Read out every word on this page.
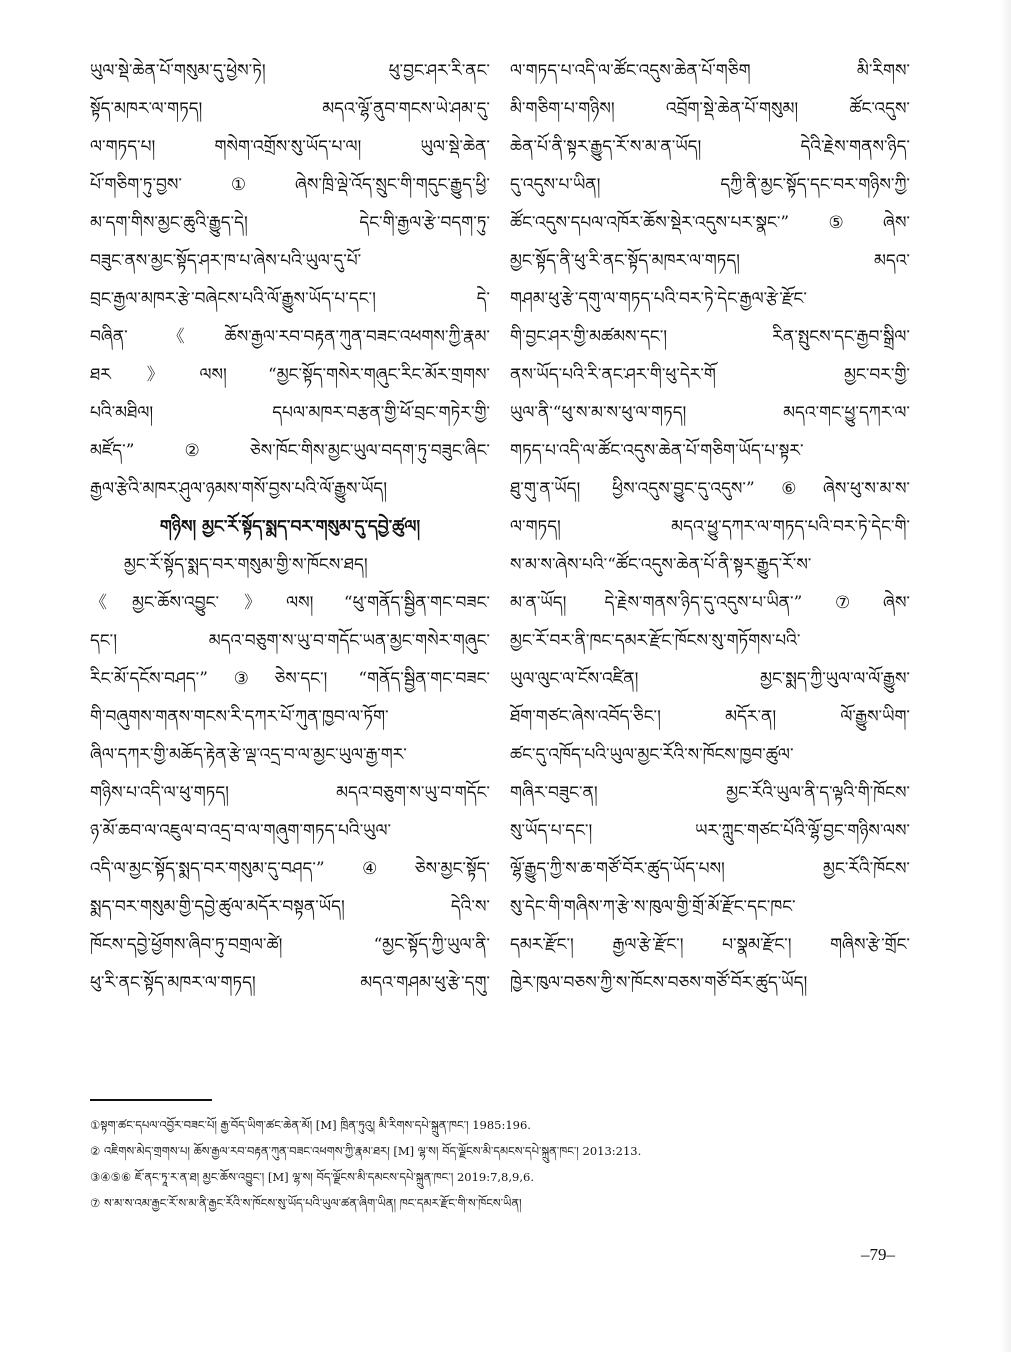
ཡུལ་སྡེ་ཆེན་པོ་གསུམ་དུ་ཕྱེས་ཏེ། ཕུ་བྱང་ཤར་རི་ནང་
སྟོད་མཁར་ལ་གཏད། མདའ་ལྷོ་ནུབ་གངས་ཡེ་ཤམ་དུ་
ལ་གཏད་པ། གསེག་འགྲོས་སུ་ཡོད་པ་ལ། ཡུལ་སྡེ་ཆེན་
པོ་གཅིག་ཏུ་བྱས་①ཞེས་ཁྲི་ལྡེ་འོད་སྲུང་གི་གདུང་རྒྱུད་ཕྱི་
མ་དག་གིས་མྱང་ཆུའི་རྒྱུད་དེ། དེང་གི་རྒྱལ་རྩེ་བདག་ཏུ་
བཟུང་ནས་མྱང་སྟོད་ཤར་ཁ་པ་ཞེས་པའི་ཡུལ་དུ་པོ་
བྲང་རྒྱལ་མཁར་རྩེ་བཞེངས་པའི་ལོ་རྒྱུས་ཡོད་པ་དང་། དེ་
བཞིན་《ཆོས་རྒྱལ་རབ་བརྟན་ཀུན་བཟང་འཕགས་ཀྱི་རྣམ་
ཐར》ལས། “མྱང་སྟོད་གསེར་གཞུང་རིང་མོར་གྲགས་
པའི་མཐིལ། དཔལ་མཁར་བརྩན་གྱི་ཕོ་བྲང་གཏེར་གྱི་
མཛོད་”②ཅེས་ཁོང་གིས་མྱང་ཡུལ་བདག་ཏུ་བཟུང་ཞིང་
རྒྱལ་རྩེའི་མཁར་ཤུལ་ཉམས་གསོ་བྱས་པའི་ལོ་རྒྱུས་ཡོད།
གཉིས། མྱང་རོ་སྟོད་སྨད་བར་གསུམ་དུ་དབྱེ་ཚུལ།
མྱང་རོ་སྟོད་སྨད་བར་གསུམ་གྱི་ས་ཁོངས་ཐད།
《མྱང་ཆོས་འབྱུང་》ལས། “ཕུ་གནོད་སྦྱིན་གང་བཟང་
དང་། མདའ་བཅུག་ས་ཡུ་བ་གདོང་ཡན་མྱང་གསེར་གཞུང་
རིང་མོ་དངོས་བཤད་”③ཅེས་དང་། “གནོད་སྦྱིན་གང་བཟང་
གི་བཞུགས་གནས་གངས་རི་དཀར་པོ་ཀུན་ཁྱབ་ལ་ཏོག་
ཞིལ་དཀར་གྱི་མཆོད་རྟེན་རྩེ་ལྡ་འདྲ་བ་ལ་མྱང་ཡུལ་རྒྱ་གར་
གཉིས་པ་འདི་ལ་ཕུ་གཏད། མདའ་བཅུག་ས་ཡུ་བ་གདོང་
ཉ་མོ་ཆབ་ལ་འཇུལ་བ་འདྲ་བ་ལ་གཞུག་གཏད་པའི་ཡུལ་
འདི་ལ་མྱང་སྟོད་སྨད་བར་གསུམ་དུ་བཤད་”④ཅེས་མྱང་སྟོད་
སྨད་བར་གསུམ་གྱི་དབྱེ་ཚུལ་མདོར་བསྟན་ཡོད། དེའི་ས་
ཁོངས་དབྱེ་ཕྱོགས་ཞིབ་ཏུ་བགྲལ་ཚེ། “མྱང་སྟོད་ཀྱི་ཡུལ་ནི་
ཕུ་རི་ནང་སྟོད་མཁར་ལ་གཏད། མདའ་གཤམ་ཕུ་རྩེ་དགུ་
ལ་གཏད་པ་འདི་ལ་ཚོང་འདུས་ཆེན་པོ་གཅིག མི་རིགས་
མི་གཅིག་པ་གཉིས། འབྲོག་སྡེ་ཆེན་པོ་གསུམ། ཚོང་འདུས་
ཆེན་པོ་ནི་སྟར་རྒྱུད་རོ་ས་མ་ན་ཡོད། དེའི་རྗེས་གནས་ཉིད་
དུ་འདུས་པ་ཡིན། དཀྱི་ནི་མྱང་སྟོད་དང་བར་གཉིས་ཀྱི་
ཚོང་འདུས་དཔལ་འཁོར་ཆོས་སྡེར་འདུས་པར་སྣང་”⑤ཞེས་
མྱང་སྟོད་ནི་ཕུ་རི་ནང་སྟོད་མཁར་ལ་གཏད། མདའ་
གཤམ་ཕུ་རྩེ་དགུ་ལ་གཏད་པའི་བར་ཏེ་དེང་རྒྱལ་རྩེ་རྫོང་
གི་བྱང་ཤར་གྱི་མཚམས་དང་། རིན་སྤུངས་དང་རྒྱབ་སྒྲིལ་
ནས་ཡོད་པའི་རི་ནང་ཤར་གི་ཕུ་དེར་གོ མྱང་བར་གྱི་
ཡུལ་ནི་“ཕུ་ས་མ་ས་ཕུ་ལ་གཏད། མདའ་གང་ཕྱུ་དཀར་ལ་
གཏད་པ་འདི་ལ་ཚོང་འདུས་ཆེན་པོ་གཅིག་ཡོད་པ་སྟར་
ཐུ་གུ་ན་ཡོད། ཕྱིས་འདུས་བྱུང་དུ་འདུས་”⑥ཞེས་ཕུ་ས་མ་ས་
ལ་གཏད། མདའ་ཕྱུ་དཀར་ལ་གཏད་པའི་བར་ཏེ་དེང་གི་
ས་མ་ས་ཞེས་པའི་“ཚོང་འདུས་ཆེན་པོ་ནི་སྟར་རྒྱུད་རོ་ས་
མ་ན་ཡོད། དེ་རྗེས་གནས་ཉིད་དུ་འདུས་པ་ཡིན་”⑦ཞེས་
མྱང་རོ་བར་ནི་ཁང་དམར་རྫོང་ཁོངས་སུ་གཏོགས་པའི་
ཡུལ་ལུང་ལ་ངོས་འཛིན། མྱང་སྨད་ཀྱི་ཡུལ་ལ་ལོ་རྒྱུས་
ཐོག་གཙང་ཞེས་འབོད་ཅིང་། མདོར་ན། ལོ་རྒྱུས་ཡིག་
ཚང་དུ་འཁོད་པའི་ཡུལ་མྱང་རོའི་ས་ཁོངས་ཁྱབ་ཚུལ་
གཞིར་བཟུང་ན། མྱང་རོའི་ཡུལ་ནི་ད་ལྟའི་གི་ཁོངས་
སུ་ཡོད་པ་དང་། ཡར་ཀླུང་གཙང་པོའི་ལྷོ་བྱང་གཉིས་ལས་
ལྷོ་རྒྱུད་ཀྱི་ས་ཆ་གཙོ་བོར་ཚུད་ཡོད་པས། མྱང་རོའི་ཁོངས་
སུ་དེང་གི་གཞིས་ཀ་རྩེ་ས་ཁུལ་གྱི་གྲོ་མོ་རྫོང་དང་ཁང་
དམར་རྫོང་། རྒྱལ་རྩེ་རྫོང་། པ་སྣམ་རྫོང་། གཞིས་རྩེ་གྲོང་
ཁྱེར་ཁུལ་བཅས་ཀྱི་ས་ཁོངས་བཅས་གཙོ་བོར་ཚུད་ཡོད།
①སྟག་ཚང་དཔལ་འབྱོར་བཟང་པོ། རྒྱ་བོད་ཡིག་ཚང་ཆེན་མོ། [M] ཁྲིན་ཏུའུ། མི་རིགས་དཔེ་སྐྲུན་ཁང་། 1985:196.
② འཇིགས་མེད་གྲགས་པ། ཆོས་རྒྱལ་རབ་བརྟན་ཀུན་བཟང་འཕགས་ཀྱི་རྣམ་ཐར། [M] ལྷ་ས། བོད་ལྗོངས་མི་དམངས་དཔེ་སྐྲུན་ཁང་། 2013:213.
③④⑤⑥ ཇོ་ནང་ཏཱ་ར་ན་ཐ། མྱང་ཆོས་འབྱུང་། [M] ལྷ་ས། བོད་ལྗོངས་མི་དམངས་དཔེ་སྐྲུན་ཁང་། 2019:7,8,9,6.
⑦ ས་མ་ས་འམ་རྒྱང་རོ་ས་མ་ནི་རྒྱང་རོའི་ས་ཁོངས་སུ་ཡོད་པའི་ཡུལ་ཚན་ཞིག་ཡིན། ཁང་དམར་རྫོང་གི་ས་ཁོངས་ཡིན།
–79–
